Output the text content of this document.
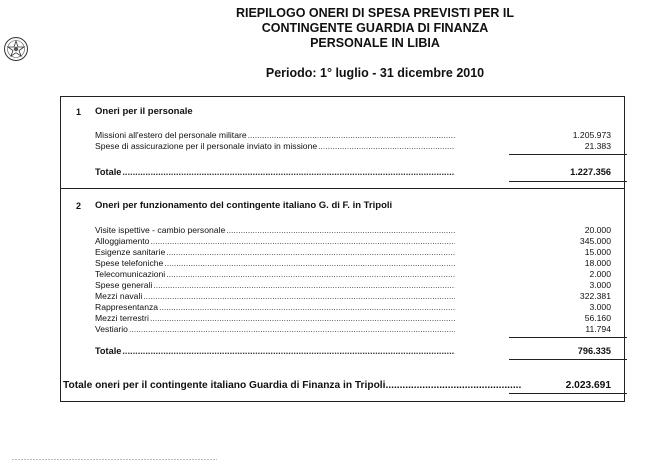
RIEPILOGO ONERI DI SPESA PREVISTI PER IL
CONTINGENTE GUARDIA DI FINANZA
PERSONALE IN LIBIA
Periodo: 1° luglio - 31 dicembre 2010
1 Oneri per il personale
Missioni all'estero del personale militare .....	1.205.973
Spese di assicurazione per il personale inviato in missione .....	21.383
Totale .....	1.227.356
2 Oneri per funzionamento del contingente italiano G. di F. in Tripoli
Visite ispettive - cambio personale .....	20.000
Alloggiamento .....	345.000
Esigenze sanitarie .....	15.000
Spese telefoniche .....	18.000
Telecomunicazioni .....	2.000
Spese generali .....	3.000
Mezzi navali .....	322.381
Rappresentanza .....	3.000
Mezzi terrestri .....	56.160
Vestiario .....	11.794
Totale .....	796.335
Totale oneri per il contingente italiano Guardia di Finanza in Tripoli .....	2.023.691
